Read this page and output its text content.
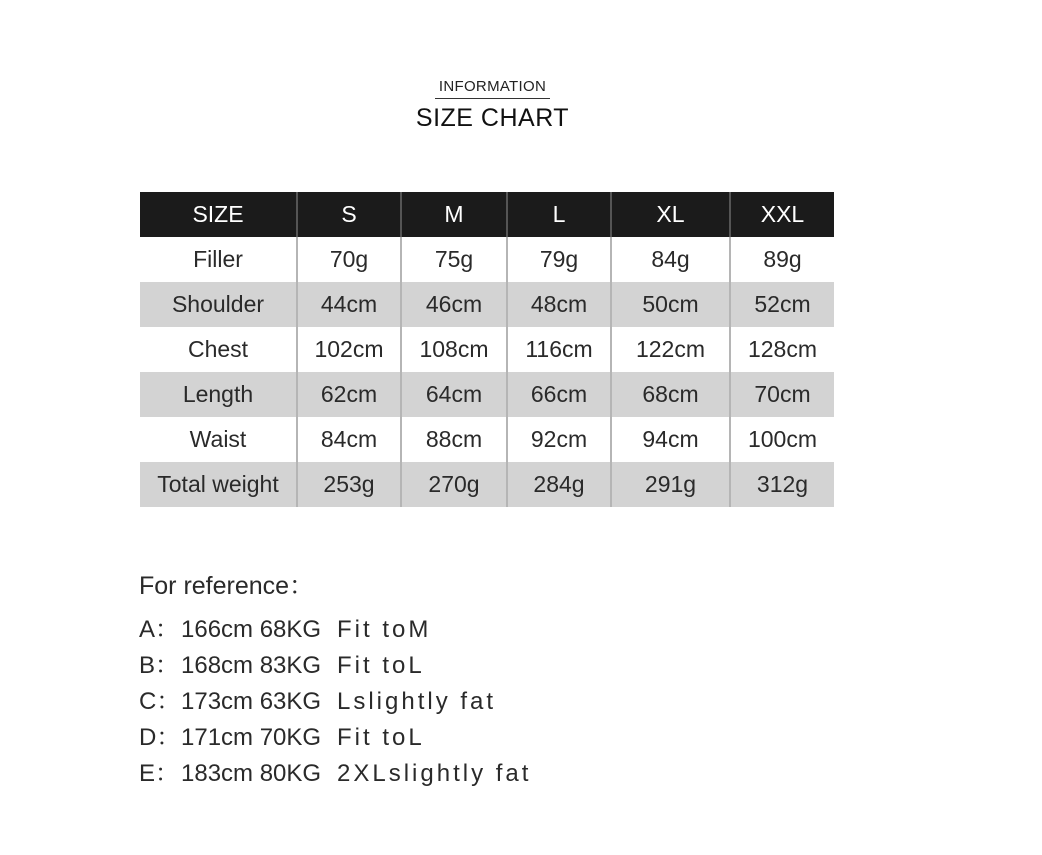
INFORMATION
SIZE CHART
SIZE	S	M	L	XL	XXL
Filler	70g	75g	79g	84g	89g
Shoulder	44cm	46cm	48cm	50cm	52cm
Chest	102cm	108cm	116cm	122cm	128cm
Length	62cm	64cm	66cm	68cm	70cm
Waist	84cm	88cm	92cm	94cm	100cm
Total weight	253g	270g	284g	291g	312g
For reference：
A：166cm 68KG Fit toM
B：168cm 83KG Fit toL
C：173cm 63KG Lslightly fat
D：171cm 70KG Fit toL
E：183cm 80KG 2XLslightly fat
